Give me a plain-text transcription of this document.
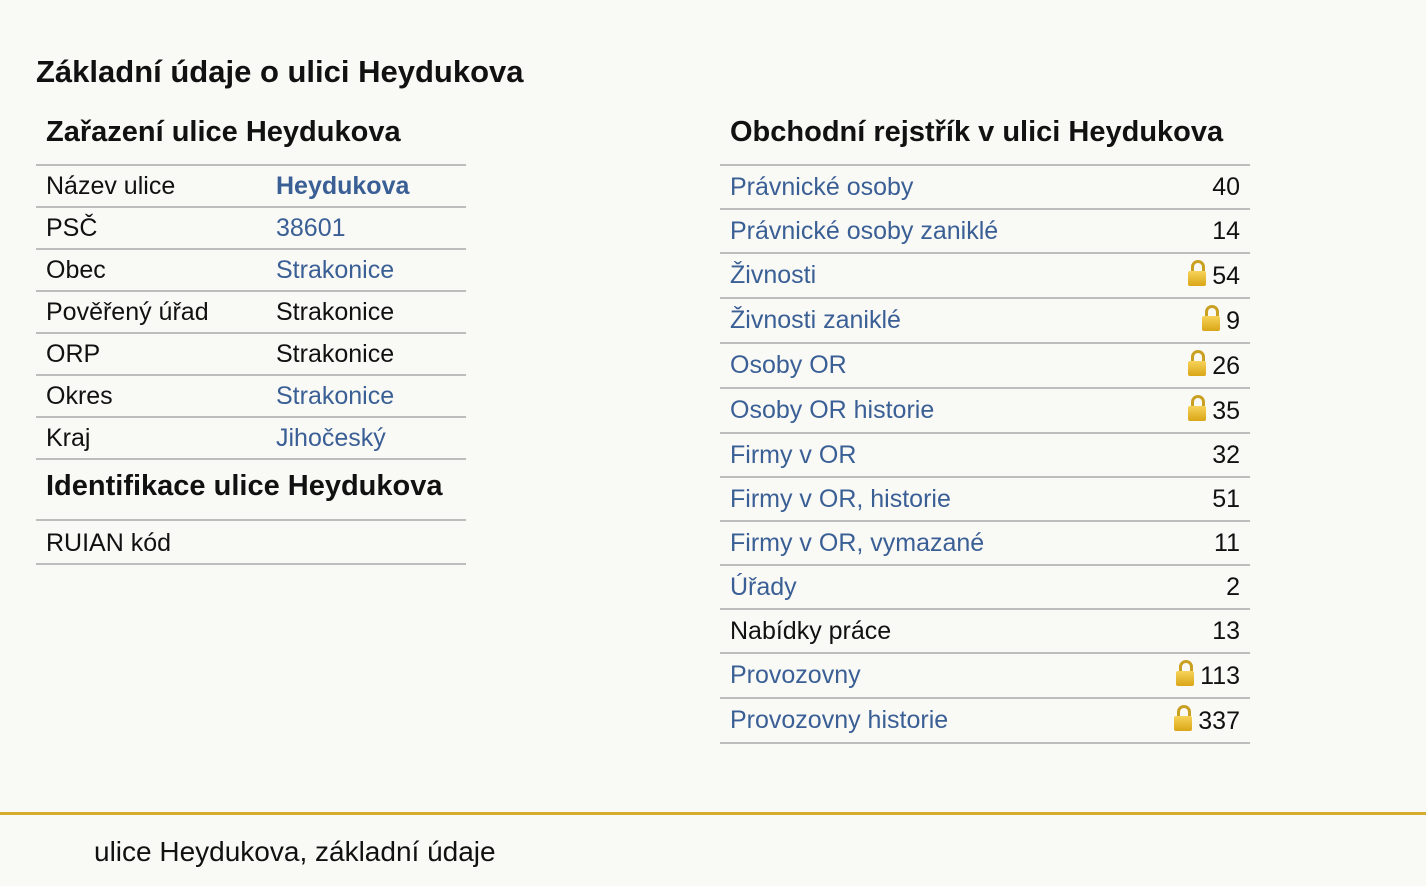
Základní údaje o ulici Heydukova
Zařazení ulice Heydukova
Název ulice	Heydukova
PSČ	38601
Obec	Strakonice
Pověřený úřad	Strakonice
ORP	Strakonice
Okres	Strakonice
Kraj	Jihočeský
Identifikace ulice Heydukova
RUIAN kód	
Obchodní rejstřík v ulici Heydukova
Právnické osoby	40
Právnické osoby zaniklé	14
Živnosti	54
Živnosti zaniklé	9
Osoby OR	26
Osoby OR historie	35
Firmy v OR	32
Firmy v OR, historie	51
Firmy v OR, vymazané	11
Úřady	2
Nabídky práce	13
Provozovny	113
Provozovny historie	337
ulice Heydukova, základní údaje
